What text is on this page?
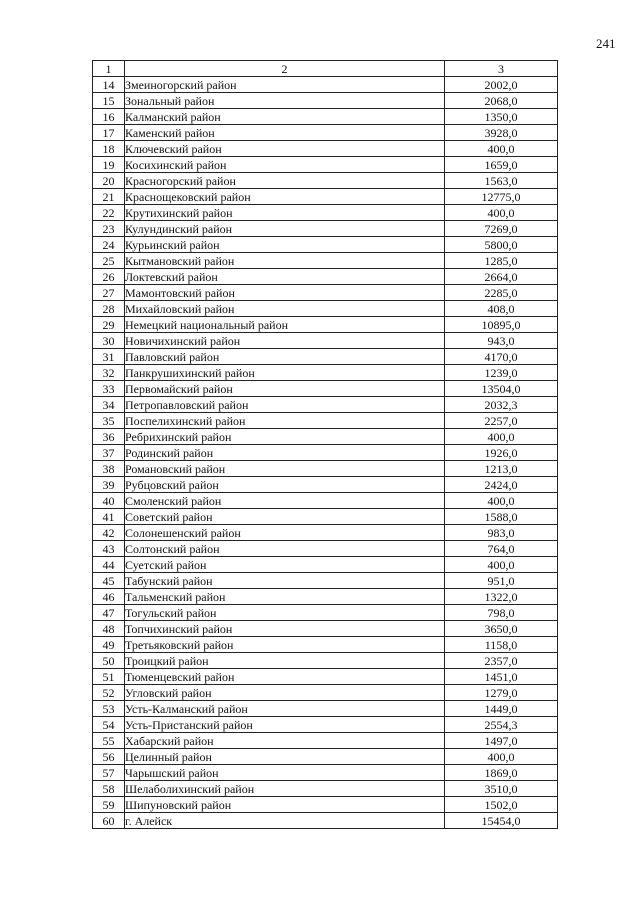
241
1	2	3
14	Змеиногорский район	2002,0
15	Зональный район	2068,0
16	Калманский район	1350,0
17	Каменский район	3928,0
18	Ключевский район	400,0
19	Косихинский район	1659,0
20	Красногорский район	1563,0
21	Краснощековский район	12775,0
22	Крутихинский район	400,0
23	Кулундинский район	7269,0
24	Курьинский район	5800,0
25	Кытмановский район	1285,0
26	Локтевский район	2664,0
27	Мамонтовский район	2285,0
28	Михайловский район	408,0
29	Немецкий национальный район	10895,0
30	Новичихинский район	943,0
31	Павловский район	4170,0
32	Панкрушихинский район	1239,0
33	Первомайский район	13504,0
34	Петропавловский район	2032,3
35	Поспелихинский район	2257,0
36	Ребрихинский район	400,0
37	Родинский район	1926,0
38	Романовский район	1213,0
39	Рубцовский район	2424,0
40	Смоленский район	400,0
41	Советский район	1588,0
42	Солонешенский район	983,0
43	Солтонский район	764,0
44	Суетский район	400,0
45	Табунский район	951,0
46	Тальменский район	1322,0
47	Тогульский район	798,0
48	Топчихинский район	3650,0
49	Третьяковский район	1158,0
50	Троицкий район	2357,0
51	Тюменцевский район	1451,0
52	Угловский район	1279,0
53	Усть-Калманский район	1449,0
54	Усть-Пристанский район	2554,3
55	Хабарский район	1497,0
56	Целинный район	400,0
57	Чарышский район	1869,0
58	Шелаболихинский район	3510,0
59	Шипуновский район	1502,0
60	г. Алейск	15454,0
